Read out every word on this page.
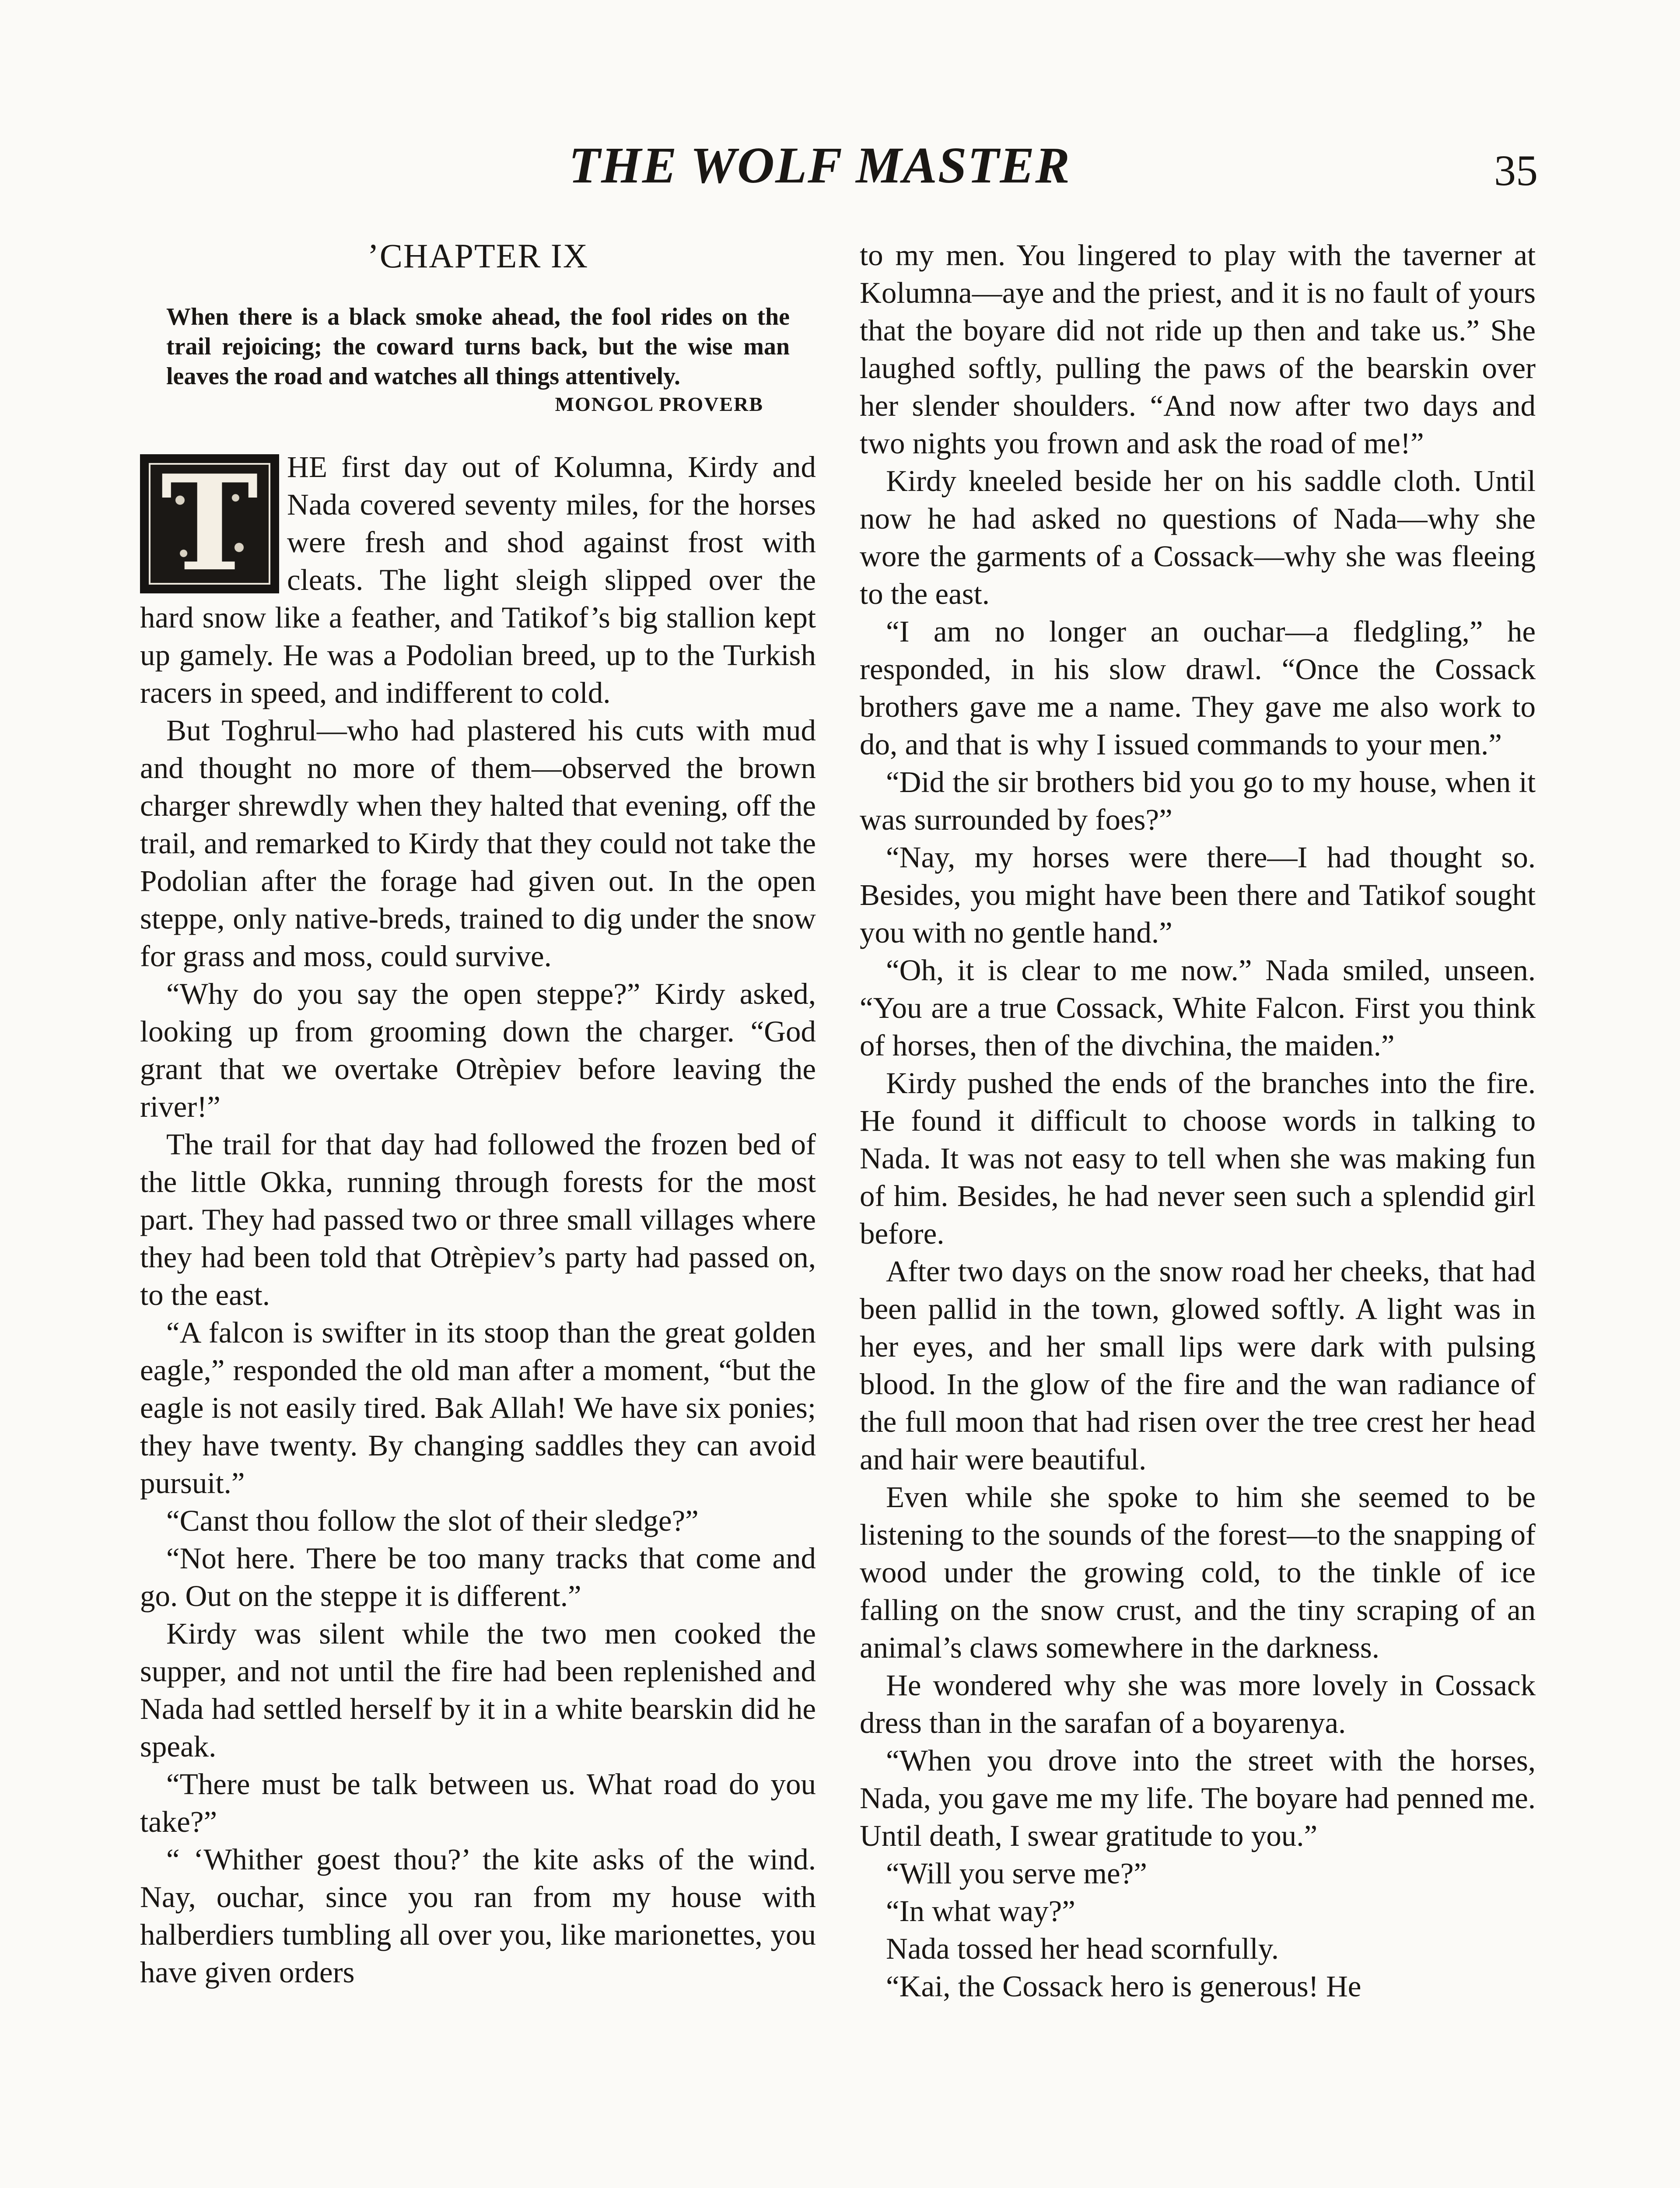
THE WOLF MASTER	35
’CHAPTER IX
When there is a black smoke ahead, the fool rides on the trail rejoicing; the coward turns back, but the wise man leaves the road and watches all things attentively.
MONGOL PROVERB

T HE first day out of Kolumna, Kirdy and Nada covered seventy miles, for the horses were fresh and shod against frost with cleats. The light sleigh slipped over the hard snow like a feather, and Tatikof’s big stallion kept up gamely. He was a Podolian breed, up to the Turkish racers in speed, and indifferent to cold.

But Toghrul—who had plastered his cuts with mud and thought no more of them—observed the brown charger shrewdly when they halted that evening, off the trail, and remarked to Kirdy that they could not take the Podolian after the forage had given out. In the open steppe, only native-breds, trained to dig under the snow for grass and moss, could survive.

“Why do you say the open steppe?” Kirdy asked, looking up from grooming down the charger. “God grant that we overtake Otrèpiev before leaving the river!”

The trail for that day had followed the frozen bed of the little Okka, running through forests for the most part. They had passed two or three small villages where they had been told that Otrèpiev’s party had passed on, to the east.

“A falcon is swifter in its stoop than the great golden eagle,” responded the old man after a moment, “but the eagle is not easily tired. Bak Allah! We have six ponies; they have twenty. By changing saddles they can avoid pursuit.”

“Canst thou follow the slot of their sledge?”

“Not here. There be too many tracks that come and go. Out on the steppe it is different.”

Kirdy was silent while the two men cooked the supper, and not until the fire had been replenished and Nada had settled herself by it in a white bearskin did he speak.

“There must be talk between us. What road do you take?”

“ ‘Whither goest thou?’ the kite asks of the wind. Nay, ouchar, since you ran from my house with halberdiers tumbling all over you, like marionettes, you have given orders

to my men. You lingered to play with the taverner at Kolumna—aye and the priest, and it is no fault of yours that the boyare did not ride up then and take us.” She laughed softly, pulling the paws of the bearskin over her slender shoulders. “And now after two days and two nights you frown and ask the road of me!”

Kirdy kneeled beside her on his saddle cloth. Until now he had asked no questions of Nada—why she wore the garments of a Cossack—why she was fleeing to the east.

“I am no longer an ouchar—a fledgling,” he responded, in his slow drawl. “Once the Cossack brothers gave me a name. They gave me also work to do, and that is why I issued commands to your men.”

“Did the sir brothers bid you go to my house, when it was surrounded by foes?”

“Nay, my horses were there—I had thought so. Besides, you might have been there and Tatikof sought you with no gentle hand.”

“Oh, it is clear to me now.” Nada smiled, unseen. “You are a true Cossack, White Falcon. First you think of horses, then of the divchina, the maiden.”

Kirdy pushed the ends of the branches into the fire. He found it difficult to choose words in talking to Nada. It was not easy to tell when she was making fun of him. Besides, he had never seen such a splendid girl before.

After two days on the snow road her cheeks, that had been pallid in the town, glowed softly. A light was in her eyes, and her small lips were dark with pulsing blood. In the glow of the fire and the wan radiance of the full moon that had risen over the tree crest her head and hair were beautiful.

Even while she spoke to him she seemed to be listening to the sounds of the forest—to the snapping of wood under the growing cold, to the tinkle of ice falling on the snow crust, and the tiny scraping of an animal’s claws somewhere in the darkness.

He wondered why she was more lovely in Cossack dress than in the sarafan of a boyarenya.

“When you drove into the street with the horses, Nada, you gave me my life. The boyare had penned me. Until death, I swear gratitude to you.”

“Will you serve me?”

“In what way?”

Nada tossed her head scornfully.

“Kai, the Cossack hero is generous! He
